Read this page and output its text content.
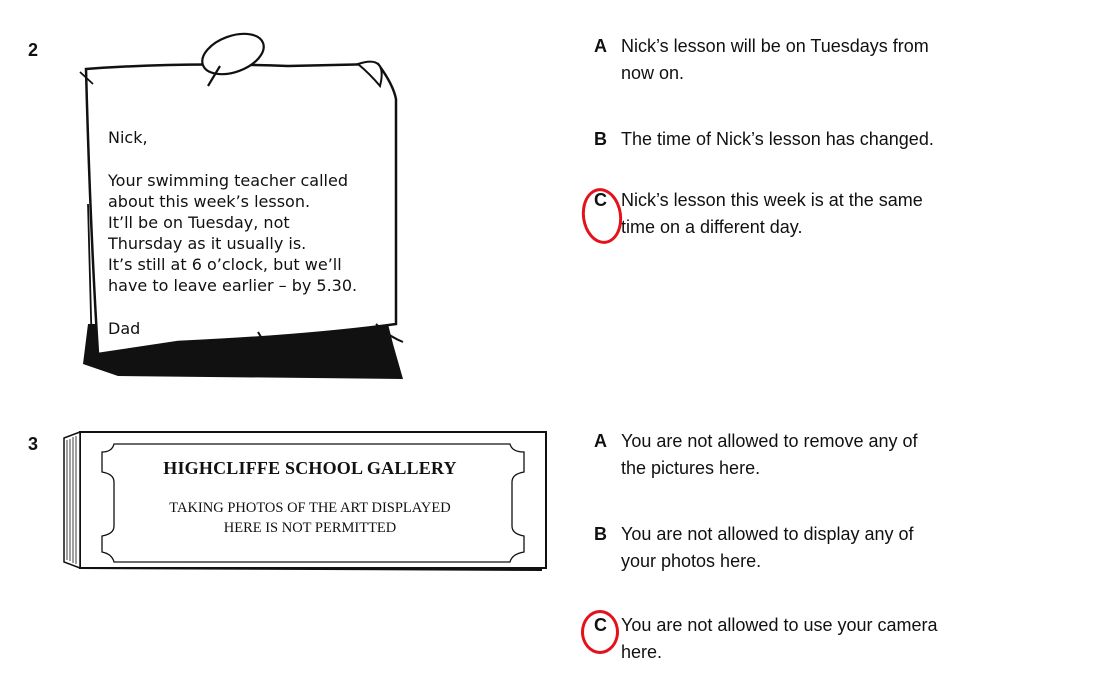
2
Nick,
Your swimming teacher called
about this week’s lesson.
It’ll be on Tuesday, not
Thursday as it usually is.
It’s still at 6 o’clock, but we’ll
have to leave earlier – by 5.30.
Dad
A Nick’s lesson will be on Tuesdays from
now on.
B The time of Nick’s lesson has changed.
C Nick’s lesson this week is at the same
time on a different day.
3
HIGHCLIFFE SCHOOL GALLERY
TAKING PHOTOS OF THE ART DISPLAYED
HERE IS NOT PERMITTED
A You are not allowed to remove any of
the pictures here.
B You are not allowed to display any of
your photos here.
C You are not allowed to use your camera
here.
